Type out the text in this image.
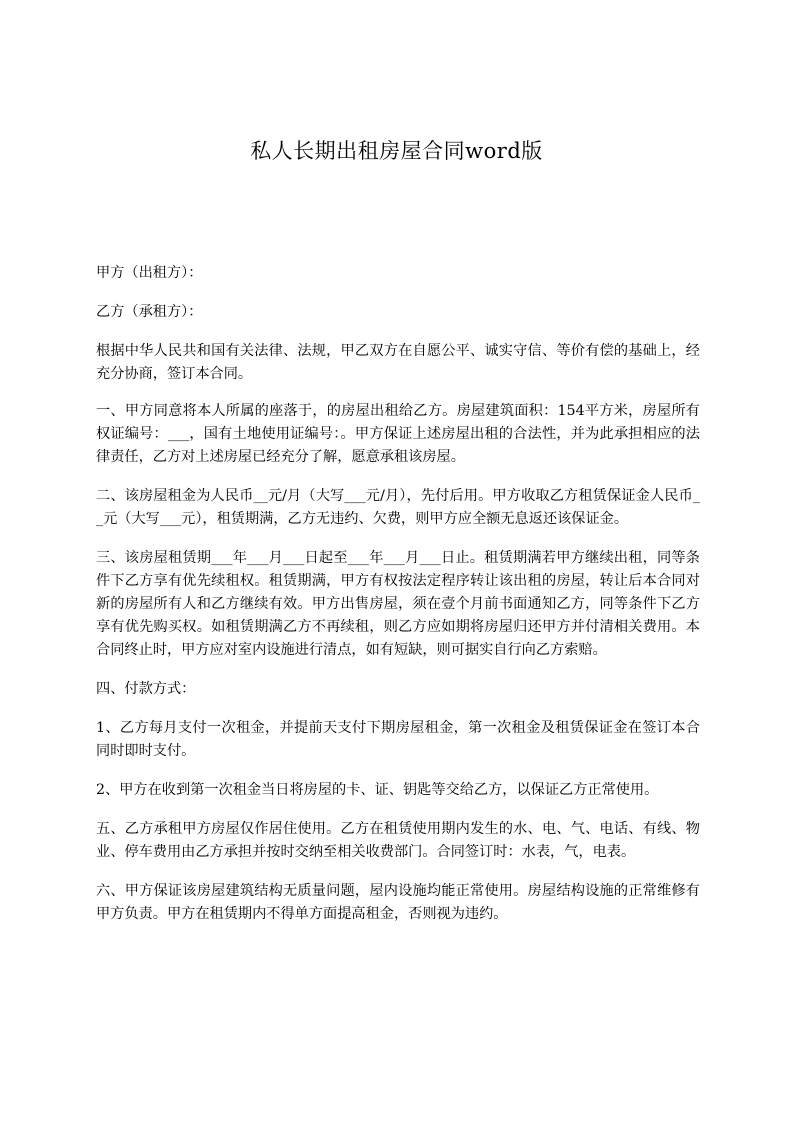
私人长期出租房屋合同word版

甲方（出租方）：

乙方（承租方）：

根据中华人民共和国有关法律、法规，甲乙双方在自愿公平、诚实守信、等价有偿的基础上，经充分协商，签订本合同。

一、甲方同意将本人所属的座落于，的房屋出租给乙方。房屋建筑面积：154平方米，房屋所有权证编号：___，国有土地使用证编号：。甲方保证上述房屋出租的合法性，并为此承担相应的法律责任，乙方对上述房屋已经充分了解，愿意承租该房屋。

二、该房屋租金为人民币__元/月（大写___元/月），先付后用。甲方收取乙方租赁保证金人民币__元（大写___元），租赁期满，乙方无违约、欠费，则甲方应全额无息返还该保证金。

三、该房屋租赁期___年___月___日起至___年___月___日止。租赁期满若甲方继续出租，同等条件下乙方享有优先续租权。租赁期满，甲方有权按法定程序转让该出租的房屋，转让后本合同对新的房屋所有人和乙方继续有效。甲方出售房屋，须在壹个月前书面通知乙方，同等条件下乙方享有优先购买权。如租赁期满乙方不再续租，则乙方应如期将房屋归还甲方并付清相关费用。本合同终止时，甲方应对室内设施进行清点，如有短缺，则可据实自行向乙方索赔。

四、付款方式：

1、乙方每月支付一次租金，并提前天支付下期房屋租金，第一次租金及租赁保证金在签订本合同时即时支付。

2、甲方在收到第一次租金当日将房屋的卡、证、钥匙等交给乙方，以保证乙方正常使用。

五、乙方承租甲方房屋仅作居住使用。乙方在租赁使用期内发生的水、电、气、电话、有线、物业、停车费用由乙方承担并按时交纳至相关收费部门。合同签订时：水表，气，电表。

六、甲方保证该房屋建筑结构无质量问题，屋内设施均能正常使用。房屋结构设施的正常维修有甲方负责。甲方在租赁期内不得单方面提高租金，否则视为违约。
